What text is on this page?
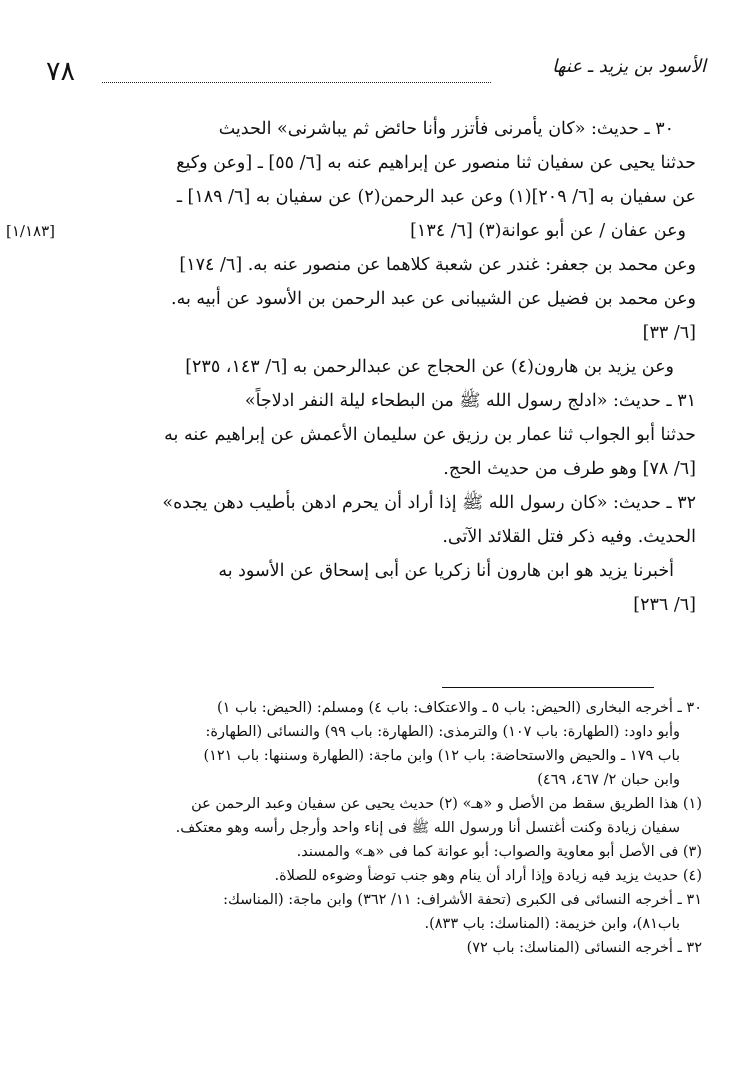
٧٨	الأسود بن يزيد ـ عنها

٣٠ ـ حديث: «كان يأمرنى فأتزر وأنا حائض ثم يباشرنى» الحديث

حدثنا يحيى عن سفيان ثنا منصور عن إبراهيم عنه به [٦/ ٥٥] ـ [وعن وكيع
عن سفيان به [٦/ ٢٠٩](١) وعن عبد الرحمن(٢) عن سفيان به [٦/ ١٨٩] ـ
وعن عفان / عن أبو عوانة(٣) [٦/ ١٣٤]
[١/١٨٣]
وعن محمد بن جعفر: غندر عن شعبة كلاهما عن منصور عنه به. [٦/ ١٧٤]
وعن محمد بن فضيل عن الشيبانى عن عبد الرحمن بن الأسود عن أبيه به.
[٦/ ٣٣]

وعن يزيد بن هارون(٤) عن الحجاج عن عبدالرحمن به [٦/ ١٤٣، ٢٣٥]

٣١ ـ حديث: «ادلج رسول الله ﷺ من البطحاء ليلة النفر ادلاجاً»

حدثنا أبو الجواب ثنا عمار بن رزيق عن سليمان الأعمش عن إبراهيم عنه به
[٦/ ٧٨] وهو طرف من حديث الحج.

٣٢ ـ حديث: «كان رسول الله ﷺ إذا أراد أن يحرم ادهن بأطيب دهن يجده»
الحديث. وفيه ذكر فتل القلائد الآتى.

أخبرنا يزيد هو ابن هارون أنا زكريا عن أبى إسحاق عن الأسود به

[٦/ ٢٣٦]

٣٠ ـ أخرجه البخارى (الحيض: باب ٥ ـ والاعتكاف: باب ٤) ومسلم: (الحيض: باب ١)

وأبو داود: (الطهارة: باب ١٠٧) والترمذى: (الطهارة: باب ٩٩) والنسائى (الطهارة:

باب ١٧٩ ـ والحيض والاستحاضة: باب ١٢) وابن ماجة: (الطهارة وسننها: باب ١٢١)

وابن حبان ٢/ ٤٦٧، ٤٦٩)

(١) هذا الطريق سقط من الأصل و «هـ» (٢) حديث يحيى عن سفيان وعبد الرحمن عن

سفيان زيادة وكنت أغتسل أنا ورسول الله ﷺ فى إناء واحد وأرجل رأسه وهو معتكف.

(٣) فى الأصل أبو معاوية والصواب: أبو عوانة كما فى «هـ» والمسند.

(٤) حديث يزيد فيه زيادة وإذا أراد أن ينام وهو جنب توضأ وضوءه للصلاة.

٣١ ـ أخرجه النسائى فى الكبرى (تحفة الأشراف: ١١/ ٣٦٢) وابن ماجة: (المناسك:

باب٨١)، وابن خزيمة: (المناسك: باب ٨٣٣).

٣٢ ـ أخرجه النسائى (المناسك: باب ٧٢)
